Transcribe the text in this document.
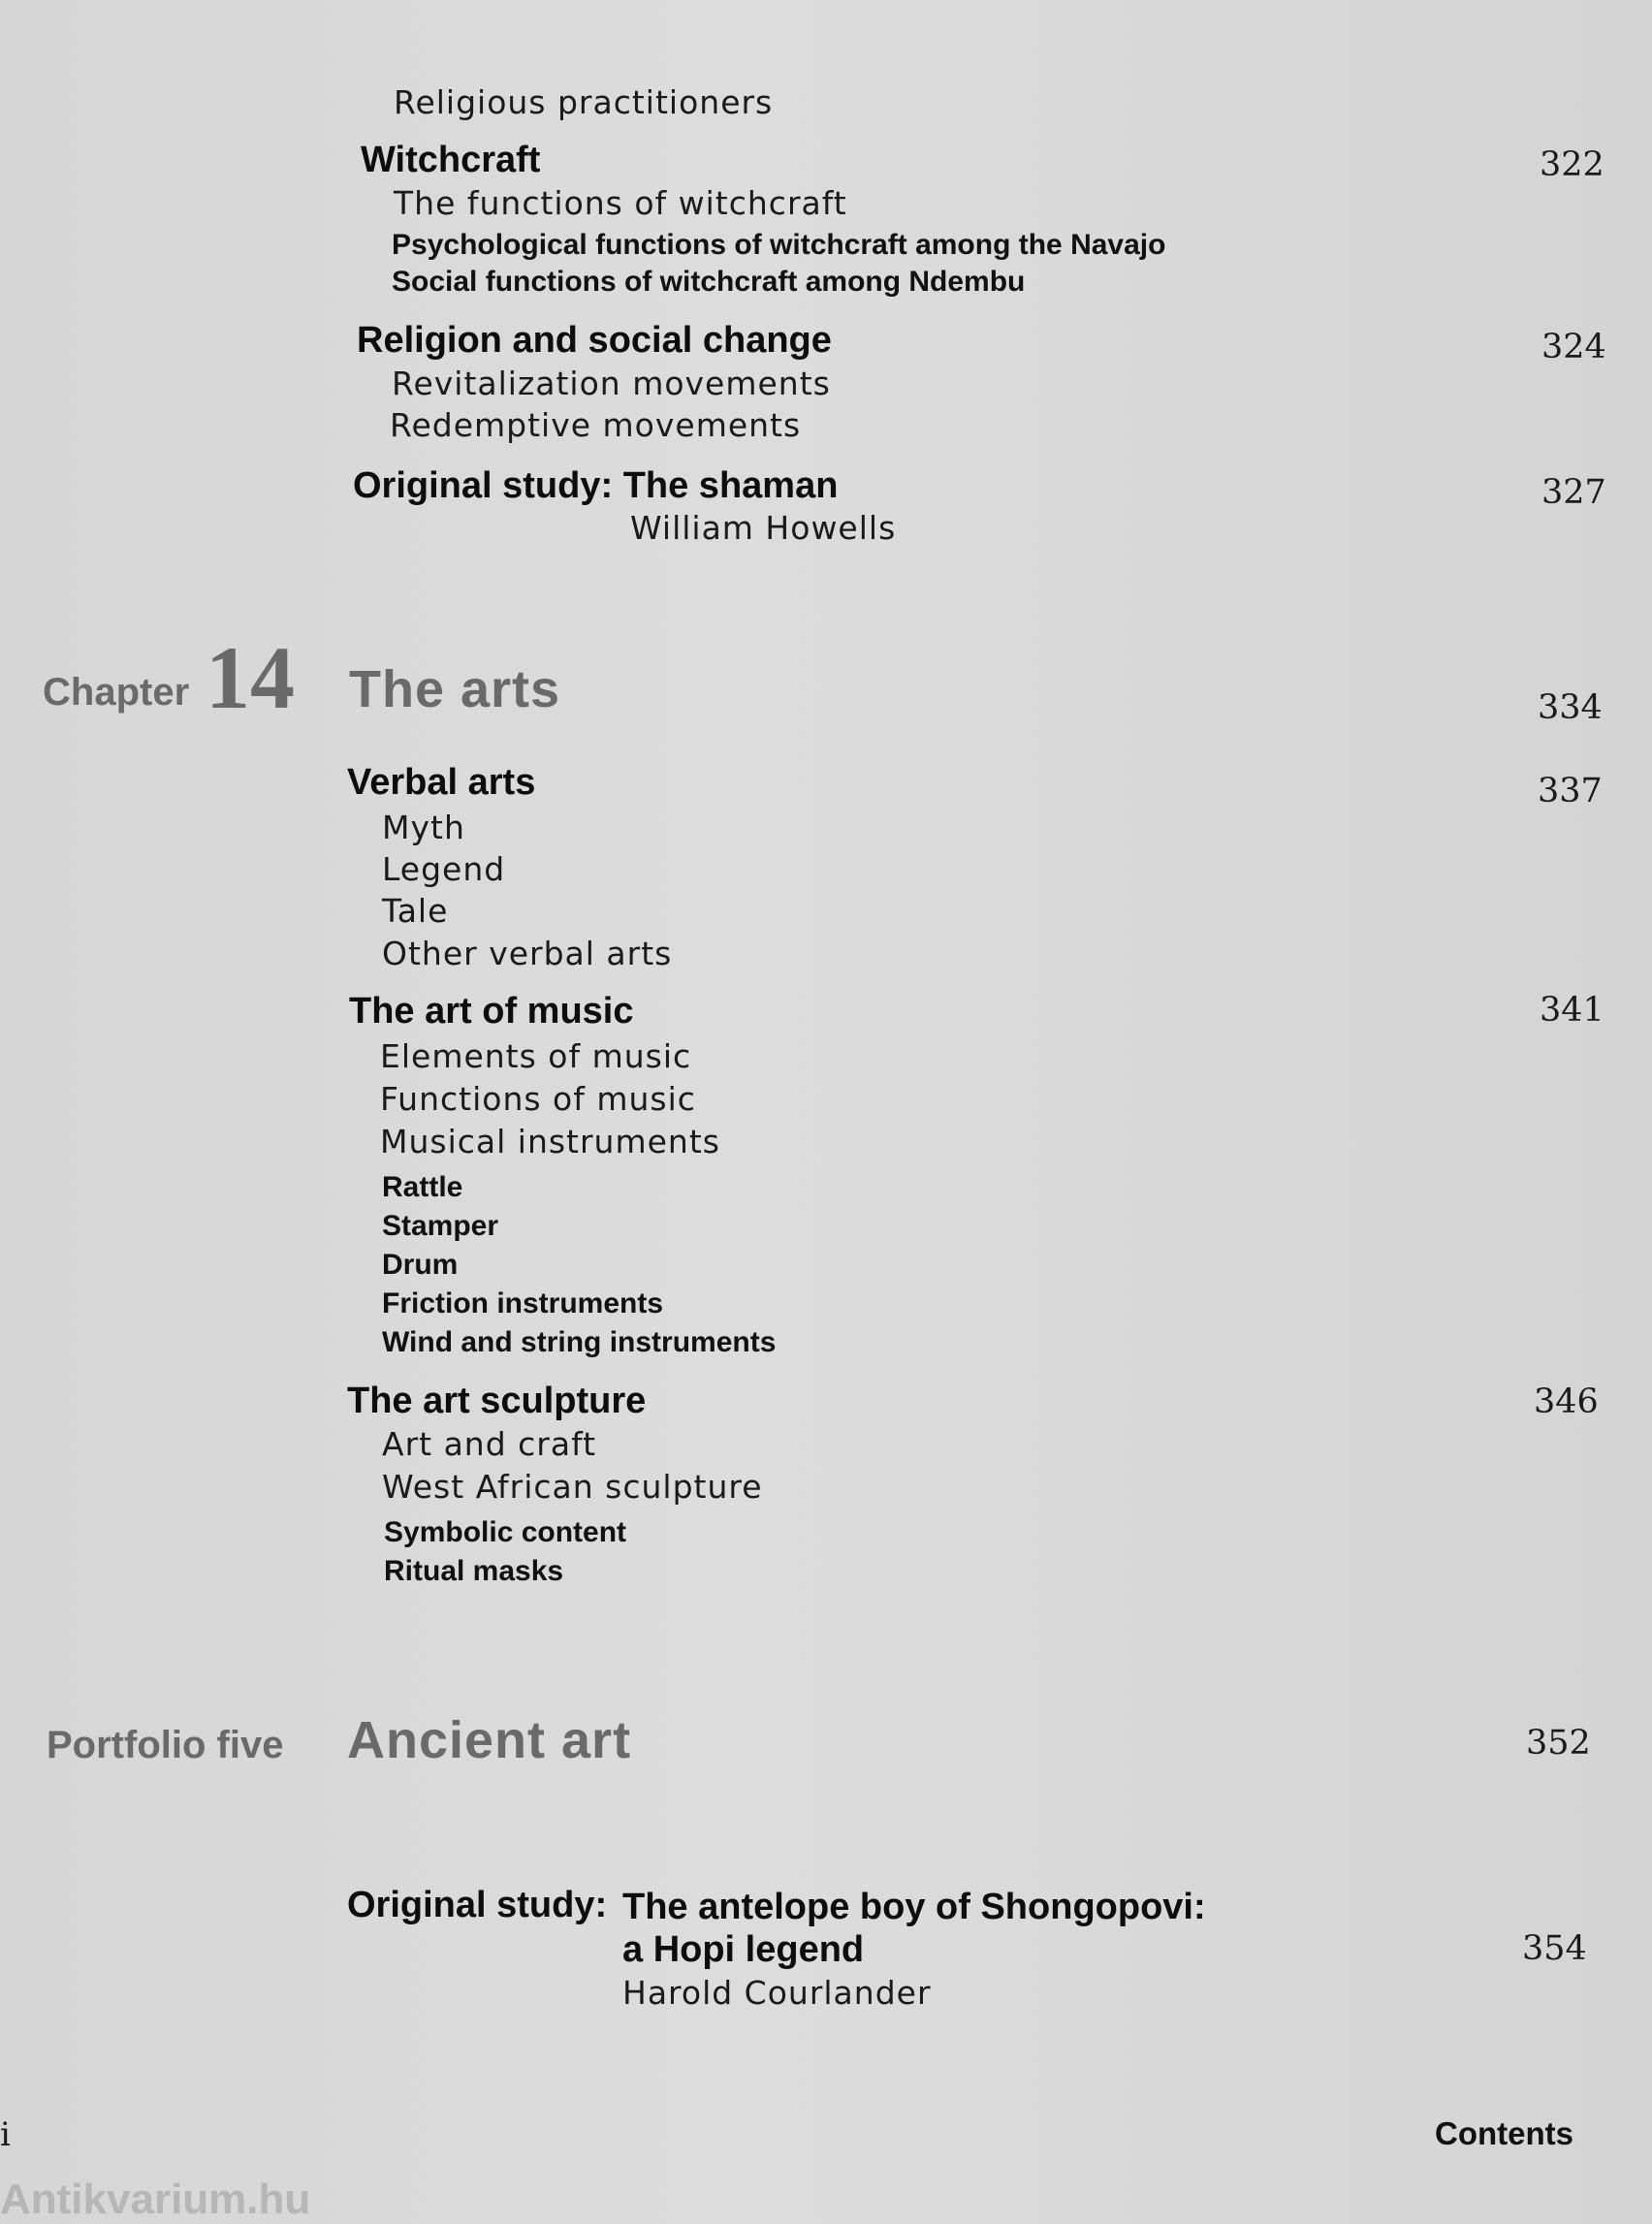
Religious practitioners
Witchcraft	322
The functions of witchcraft
Psychological functions of witchcraft among the Navajo
Social functions of witchcraft among Ndembu
Religion and social change	324
Revitalization movements
Redemptive movements
Original study: The shaman	327
William Howells
Chapter 14 The arts	334
Verbal arts	337
Myth
Legend
Tale
Other verbal arts
The art of music	341
Elements of music
Functions of music
Musical instruments
Rattle
Stamper
Drum
Friction instruments
Wind and string instruments
The art sculpture	346
Art and craft
West African sculpture
Symbolic content
Ritual masks
Portfolio five Ancient art	352
Original study: The antelope boy of Shongopovi:
a Hopi legend	354
Harold Courlander
i	Contents
Antikvarium.hu
